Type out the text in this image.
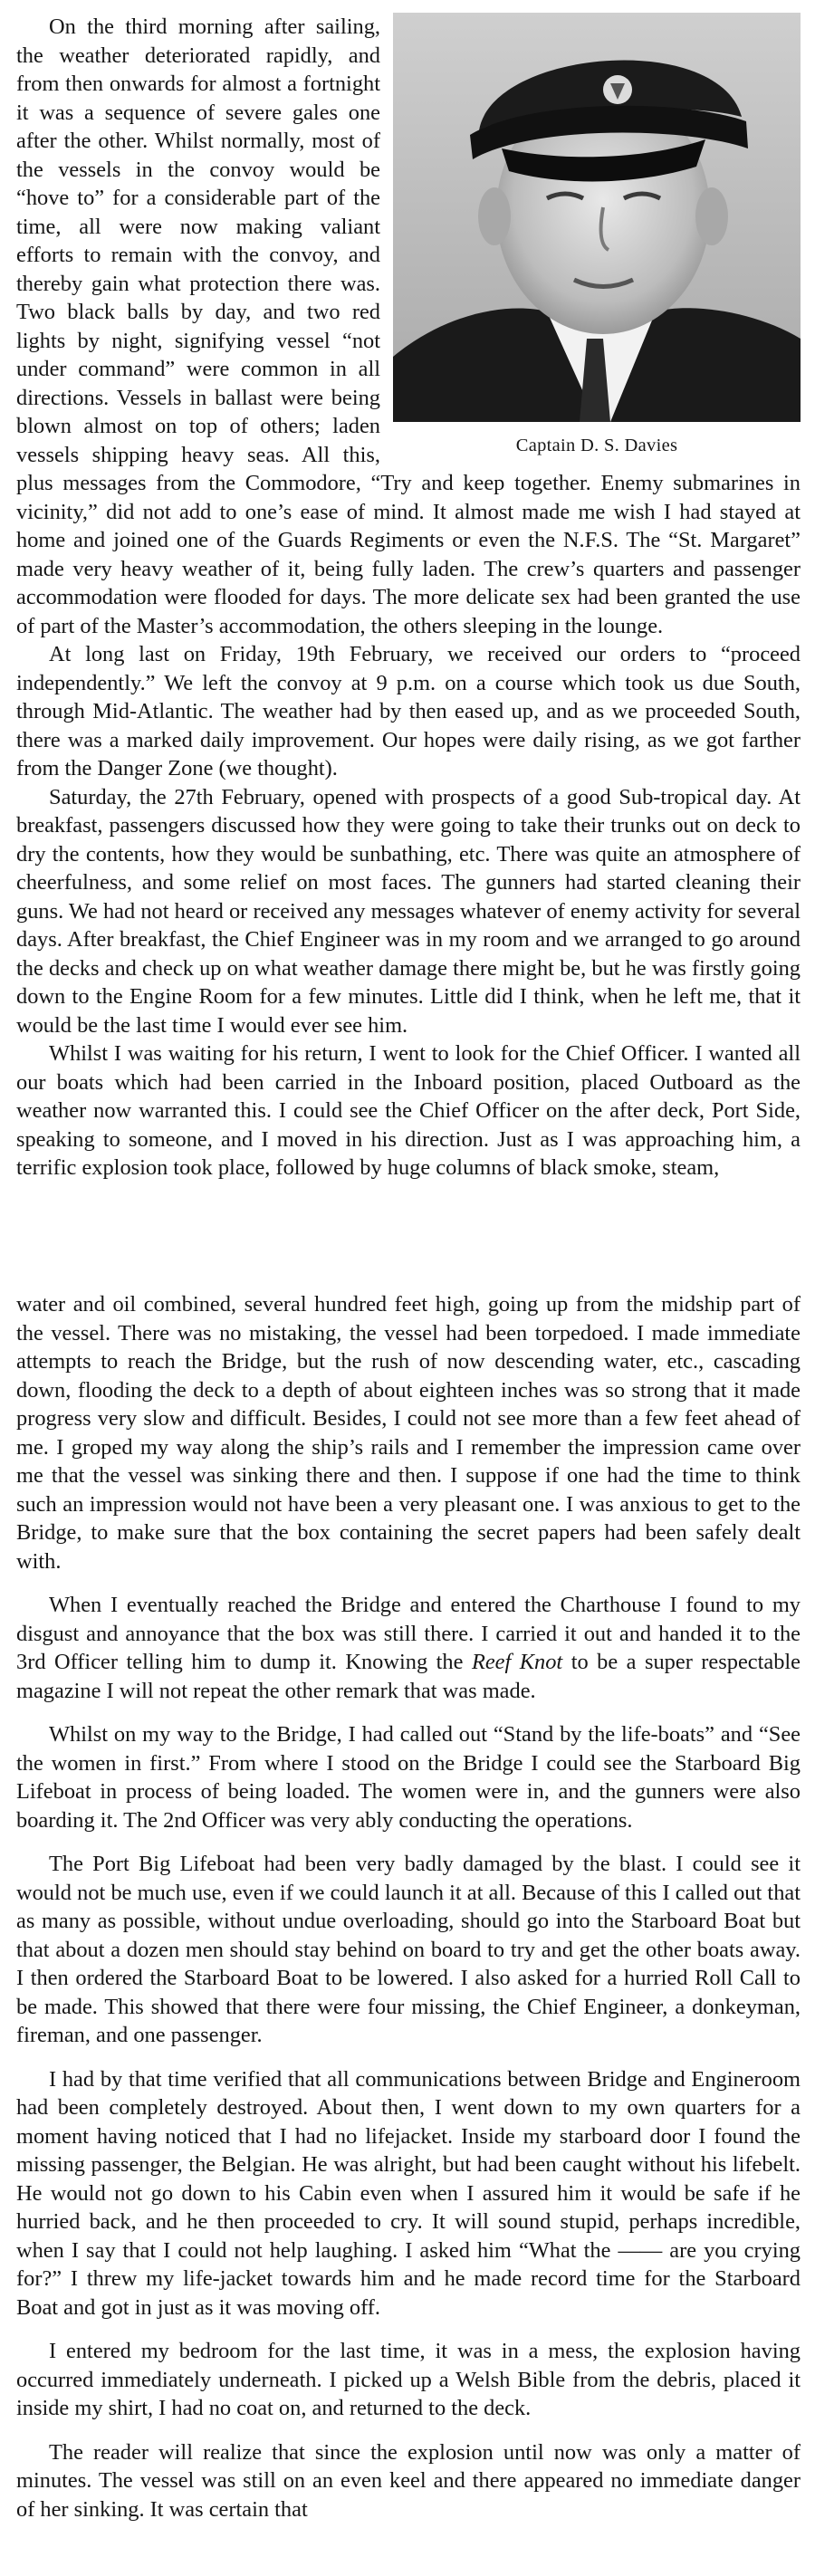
Captain D. S. Davies

On the third morning after sailing, the weather deteriorated rapidly, and from then onwards for almost a fortnight it was a sequence of severe gales one after the other. Whilst normally, most of the vessels in the convoy would be “hove to” for a considerable part of the time, all were now making valiant efforts to remain with the convoy, and thereby gain what protection there was. Two black balls by day, and two red lights by night, signifying vessel “not under command” were common in all directions. Vessels in ballast were being blown almost on top of others; laden vessels shipping heavy seas. All this, plus messages from the Commodore, “Try and keep together. Enemy submarines in vicinity,” did not add to one’s ease of mind. It almost made me wish I had stayed at home and joined one of the Guards Regiments or even the N.F.S. The “St. Margaret” made very heavy weather of it, being fully laden. The crew’s quarters and passenger accommodation were flooded for days. The more delicate sex had been granted the use of part of the Master’s accommodation, the others sleeping in the lounge.

At long last on Friday, 19th February, we received our orders to “proceed independently.” We left the convoy at 9 p.m. on a course which took us due South, through Mid-Atlantic. The weather had by then eased up, and as we proceeded South, there was a marked daily improvement. Our hopes were daily rising, as we got farther from the Danger Zone (we thought).

Saturday, the 27th February, opened with prospects of a good Sub-tropical day. At breakfast, passengers discussed how they were going to take their trunks out on deck to dry the contents, how they would be sunbathing, etc. There was quite an atmosphere of cheerfulness, and some relief on most faces. The gunners had started cleaning their guns. We had not heard or received any messages whatever of enemy activity for several days. After breakfast, the Chief Engineer was in my room and we arranged to go around the decks and check up on what weather damage there might be, but he was firstly going down to the Engine Room for a few minutes. Little did I think, when he left me, that it would be the last time I would ever see him.

Whilst I was waiting for his return, I went to look for the Chief Officer. I wanted all our boats which had been carried in the Inboard position, placed Outboard as the weather now warranted this. I could see the Chief Officer on the after deck, Port Side, speaking to someone, and I moved in his direction. Just as I was approaching him, a terrific explosion took place, followed by huge columns of black smoke, steam,

water and oil combined, several hundred feet high, going up from the midship part of the vessel. There was no mistaking, the vessel had been torpedoed. I made immediate attempts to reach the Bridge, but the rush of now descending water, etc., cascading down, flooding the deck to a depth of about eighteen inches was so strong that it made progress very slow and difficult. Besides, I could not see more than a few feet ahead of me. I groped my way along the ship’s rails and I remember the impression came over me that the vessel was sinking there and then. I suppose if one had the time to think such an impression would not have been a very pleasant one. I was anxious to get to the Bridge, to make sure that the box containing the secret papers had been safely dealt with.

When I eventually reached the Bridge and entered the Charthouse I found to my disgust and annoyance that the box was still there. I carried it out and handed it to the 3rd Officer telling him to dump it. Knowing the Reef Knot to be a super respectable magazine I will not repeat the other remark that was made.

Whilst on my way to the Bridge, I had called out “Stand by the life-boats” and “See the women in first.” From where I stood on the Bridge I could see the Starboard Big Lifeboat in process of being loaded. The women were in, and the gunners were also boarding it. The 2nd Officer was very ably conducting the operations.

The Port Big Lifeboat had been very badly damaged by the blast. I could see it would not be much use, even if we could launch it at all. Because of this I called out that as many as possible, without undue overloading, should go into the Starboard Boat but that about a dozen men should stay behind on board to try and get the other boats away. I then ordered the Starboard Boat to be lowered. I also asked for a hurried Roll Call to be made. This showed that there were four missing, the Chief Engineer, a donkeyman, fireman, and one passenger.

I had by that time verified that all communications between Bridge and Engineroom had been completely destroyed. About then, I went down to my own quarters for a moment having noticed that I had no lifejacket. Inside my starboard door I found the missing passenger, the Belgian. He was alright, but had been caught without his lifebelt. He would not go down to his Cabin even when I assured him it would be safe if he hurried back, and he then proceeded to cry. It will sound stupid, perhaps incredible, when I say that I could not help laughing. I asked him “What the —— are you crying for?” I threw my life-jacket towards him and he made record time for the Starboard Boat and got in just as it was moving off.

I entered my bedroom for the last time, it was in a mess, the explosion having occurred immediately underneath. I picked up a Welsh Bible from the debris, placed it inside my shirt, I had no coat on, and returned to the deck.

The reader will realize that since the explosion until now was only a matter of minutes. The vessel was still on an even keel and there appeared no immediate danger of her sinking. It was certain that
